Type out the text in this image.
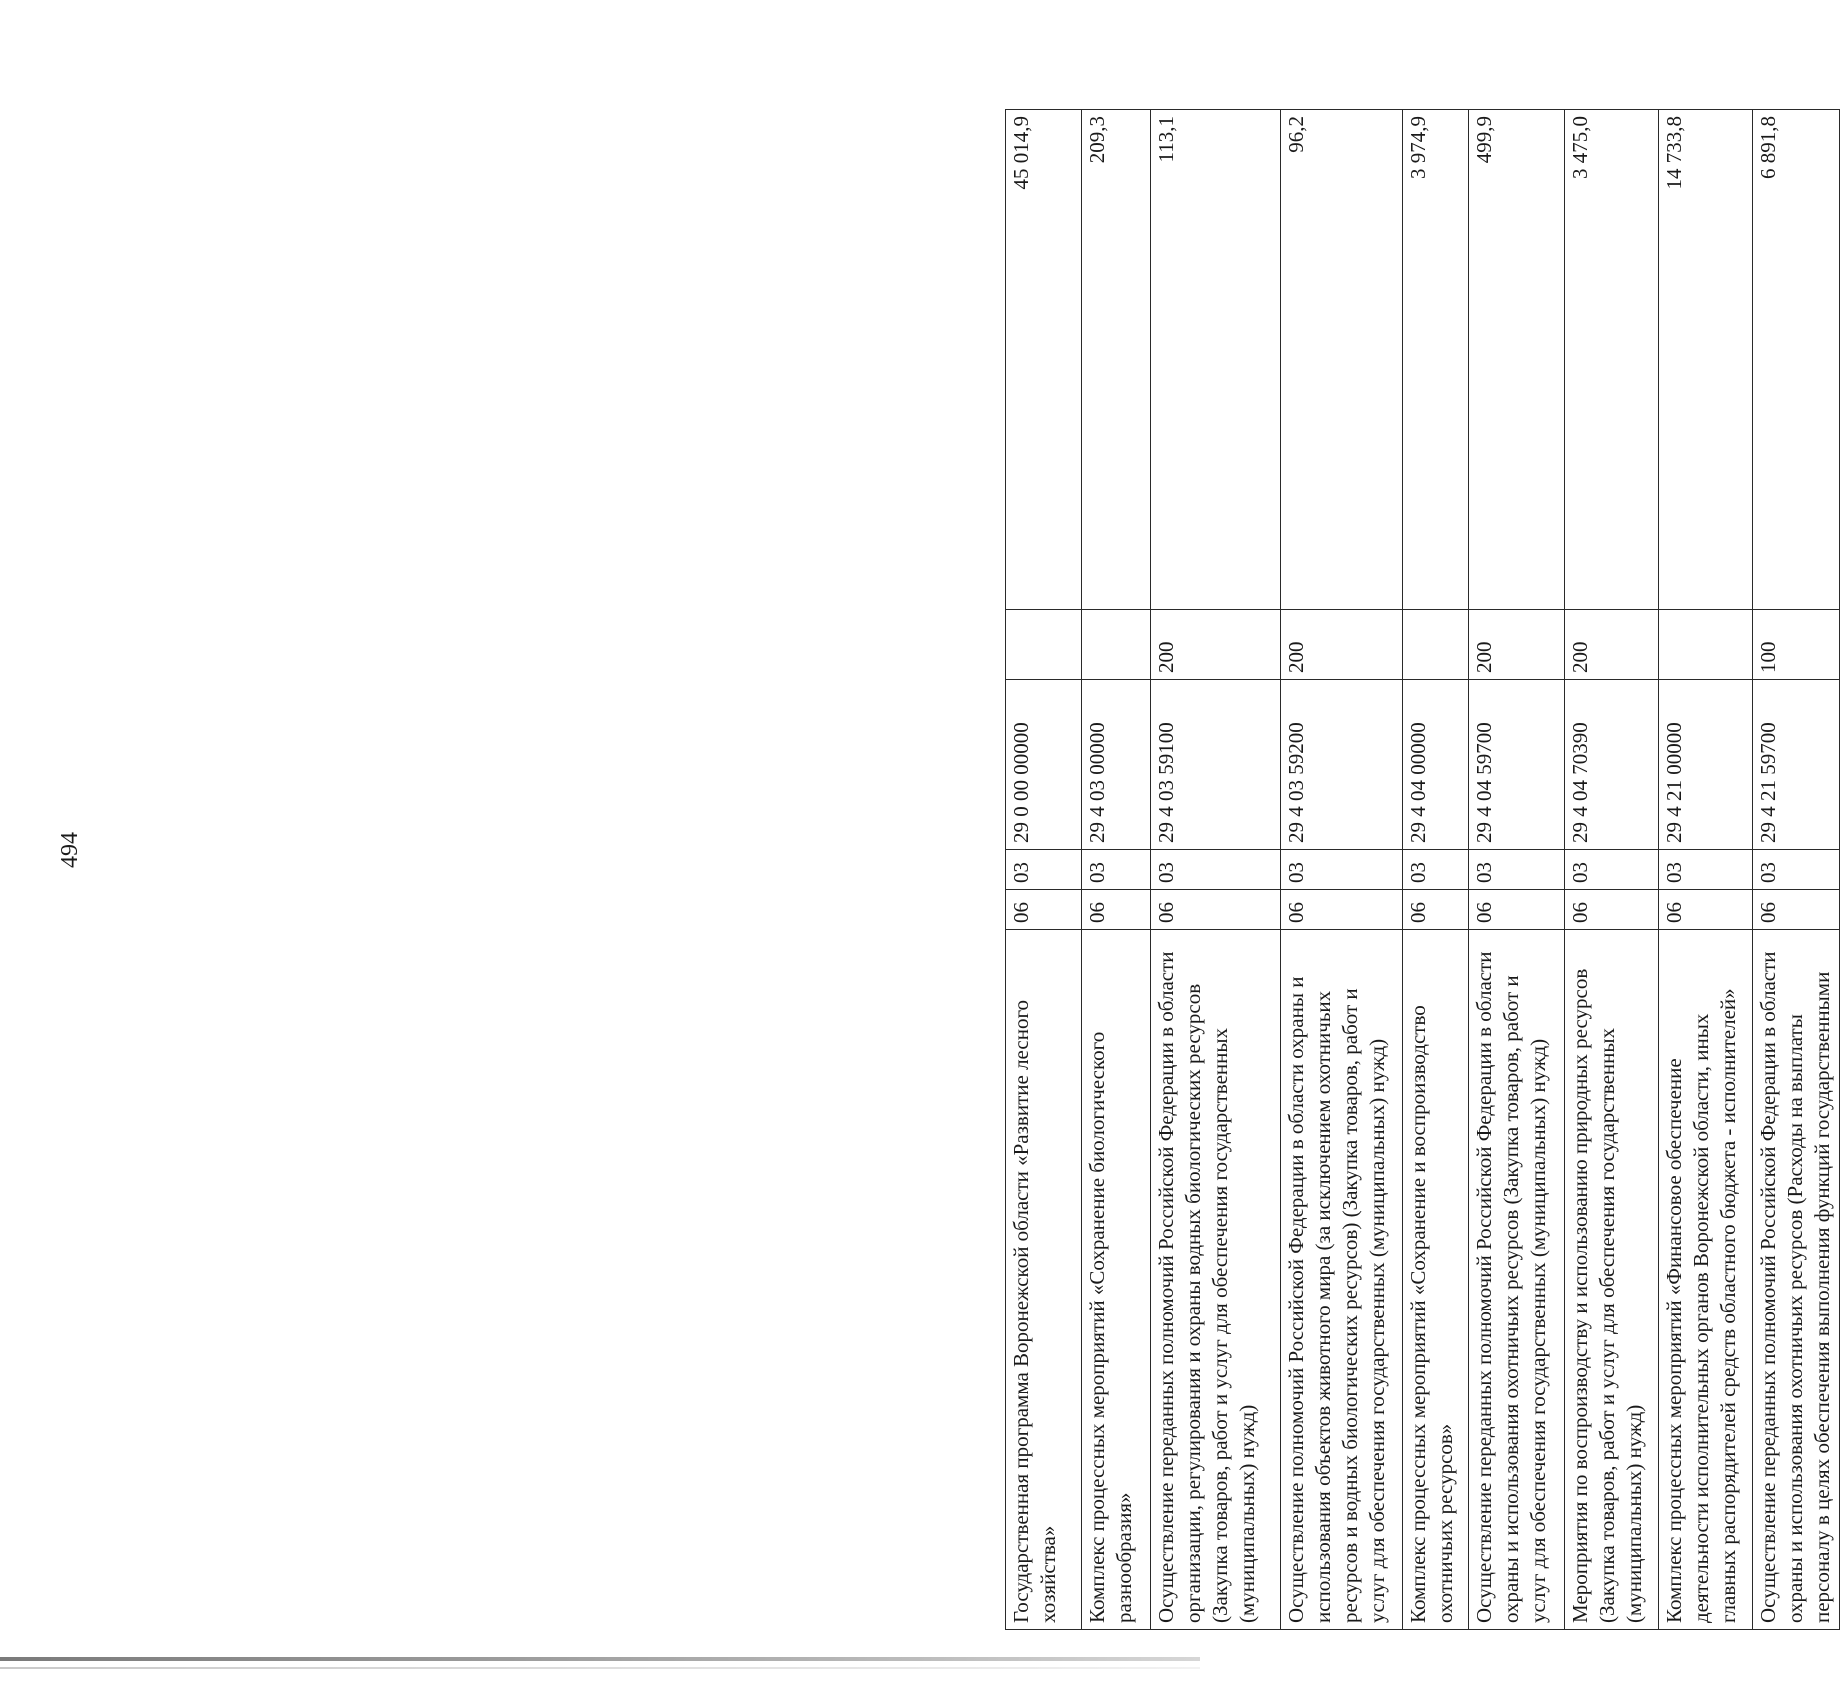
494
Государственная программа Воронежской области «Развитие лесного хозяйства»	06	03	29 0 00 00000		45 014,9
Комплекс процессных мероприятий «Сохранение биологического разнообразия»	06	03	29 4 03 00000		209,3
Осуществление переданных полномочий Российской Федерации в области организации, регулирования и охраны водных биологических ресурсов (Закупка товаров, работ и услуг для обеспечения государственных (муниципальных) нужд)	06	03	29 4 03 59100	200	113,1
Осуществление полномочий Российской Федерации в области охраны и использования объектов животного мира (за исключением охотничьих ресурсов и водных биологических ресурсов) (Закупка товаров, работ и услуг для обеспечения государственных (муниципальных) нужд)	06	03	29 4 03 59200	200	96,2
Комплекс процессных мероприятий «Сохранение и воспроизводство охотничьих ресурсов»	06	03	29 4 04 00000		3 974,9
Осуществление переданных полномочий Российской Федерации в области охраны и использования охотничьих ресурсов (Закупка товаров, работ и услуг для обеспечения государственных (муниципальных) нужд)	06	03	29 4 04 59700	200	499,9
Мероприятия по воспроизводству и использованию природных ресурсов (Закупка товаров, работ и услуг для обеспечения государственных (муниципальных) нужд)	06	03	29 4 04 70390	200	3 475,0
Комплекс процессных мероприятий «Финансовое обеспечение деятельности исполнительных органов Воронежской области, иных главных распорядителей средств областного бюджета - исполнителей»	06	03	29 4 21 00000		14 733,8
Осуществление переданных полномочий Российской Федерации в области охраны и использования охотничьих ресурсов (Расходы на выплаты персоналу в целях обеспечения выполнения функций государственными	06	03	29 4 21 59700	100	6 891,8
